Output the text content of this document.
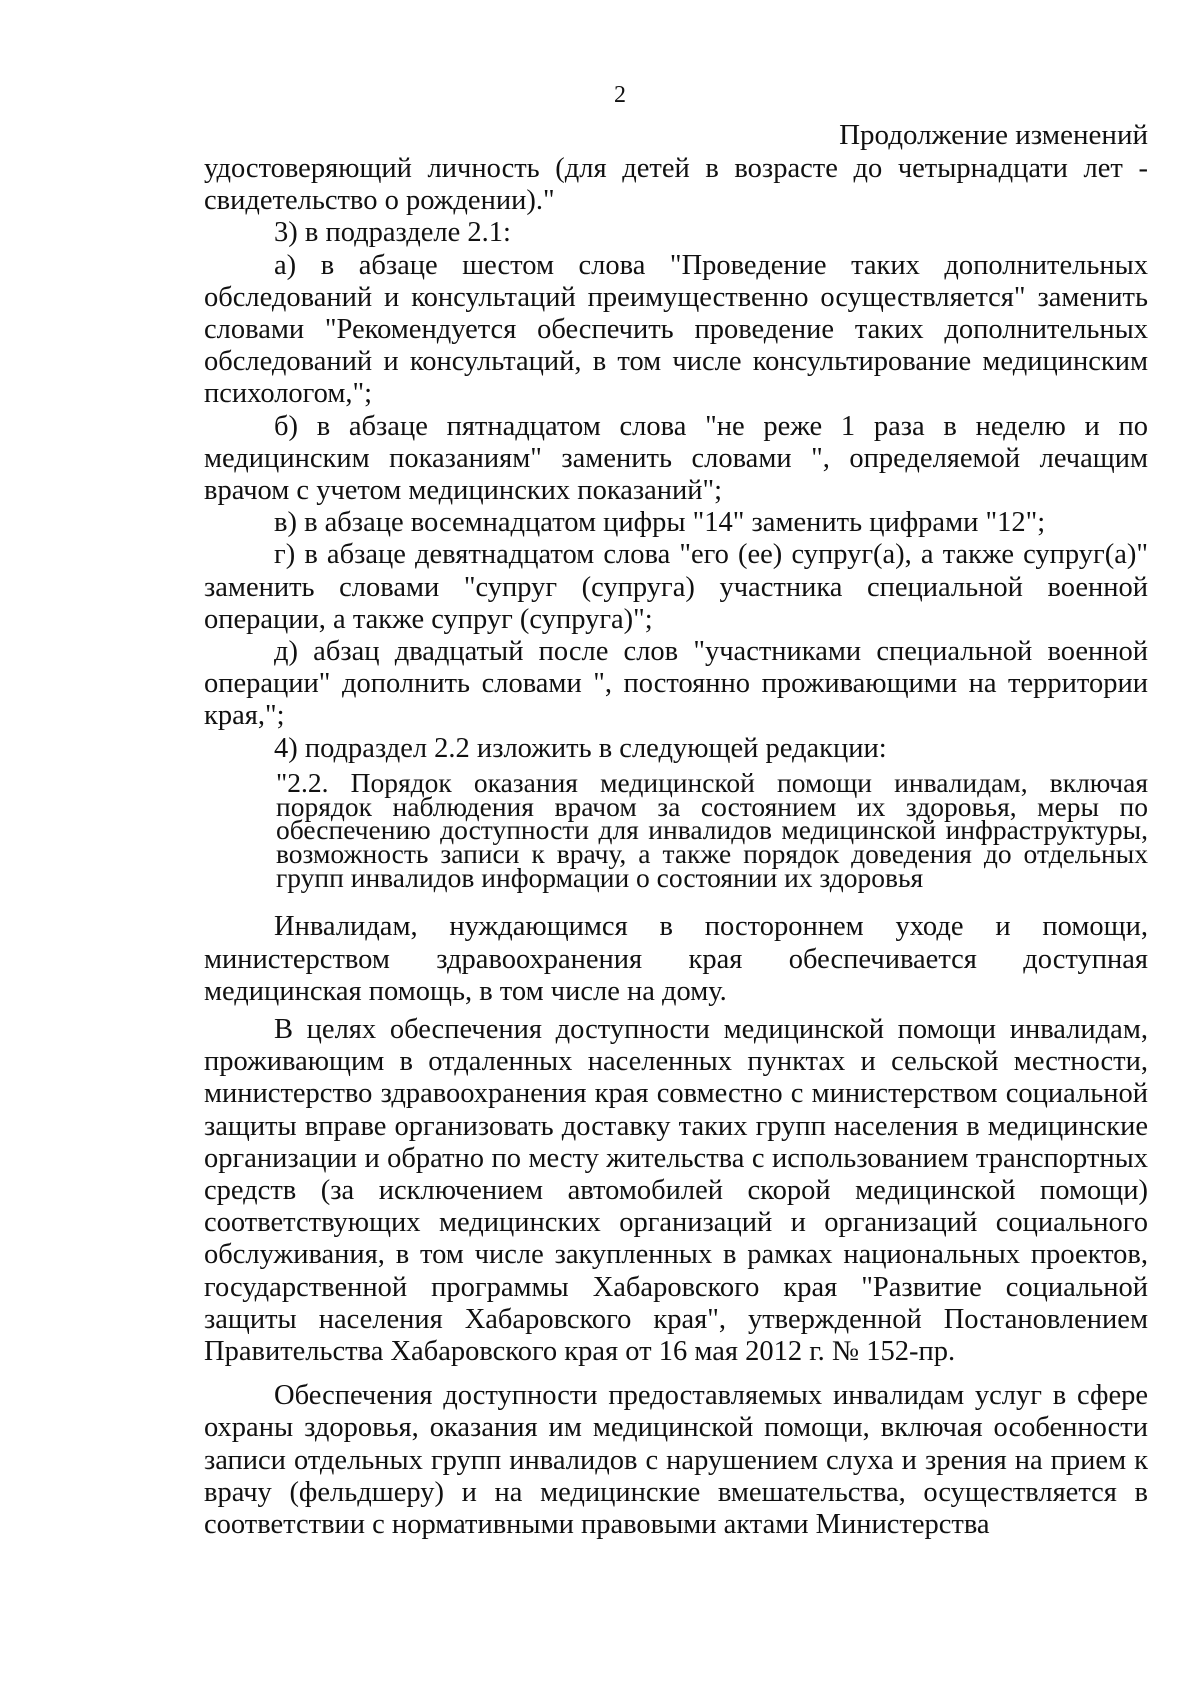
2
Продолжение изменений

удостоверяющий личность (для детей в возрасте до четырнадцати лет - свидетельство о рождении)."

3) в подразделе 2.1:

а) в абзаце шестом слова "Проведение таких дополнительных обследований и консультаций преимущественно осуществляется" заменить словами "Рекомендуется обеспечить проведение таких дополнительных обследований и консультаций, в том числе консультирование медицинским психологом,";

б) в абзаце пятнадцатом слова "не реже 1 раза в неделю и по медицинским показаниям" заменить словами ", определяемой лечащим врачом с учетом медицинских показаний";

в) в абзаце восемнадцатом цифры "14" заменить цифрами "12";

г) в абзаце девятнадцатом слова "его (ее) супруг(а), а также супруг(а)" заменить словами "супруг (супруга) участника специальной военной операции, а также супруг (супруга)";

д) абзац двадцатый после слов "участниками специальной военной операции" дополнить словами ", постоянно проживающими на территории края,";

4) подраздел 2.2 изложить в следующей редакции:

"2.2. Порядок оказания медицинской помощи инвалидам, включая порядок наблюдения врачом за состоянием их здоровья, меры по обеспечению доступности для инвалидов медицинской инфраструктуры, возможность записи к врачу, а также порядок доведения до отдельных групп инвалидов информации о состоянии их здоровья

Инвалидам, нуждающимся в постороннем уходе и помощи, министерством здравоохранения края обеспечивается доступная медицинская помощь, в том числе на дому.

В целях обеспечения доступности медицинской помощи инвалидам, проживающим в отдаленных населенных пунктах и сельской местности, министерство здравоохранения края совместно с министерством социальной защиты вправе организовать доставку таких групп населения в медицинские организации и обратно по месту жительства с использованием транспортных средств (за исключением автомобилей скорой медицинской помощи) соответствующих медицинских организаций и организаций социального обслуживания, в том числе закупленных в рамках национальных проектов, государственной программы Хабаровского края "Развитие социальной защиты населения Хабаровского края", утвержденной Постановлением Правительства Хабаровского края от 16 мая 2012 г. № 152-пр.

Обеспечения доступности предоставляемых инвалидам услуг в сфере охраны здоровья, оказания им медицинской помощи, включая особенности записи отдельных групп инвалидов с нарушением слуха и зрения на прием к врачу (фельдшеру) и на медицинские вмешательства, осуществляется в соответствии с нормативными правовыми актами Министерства
